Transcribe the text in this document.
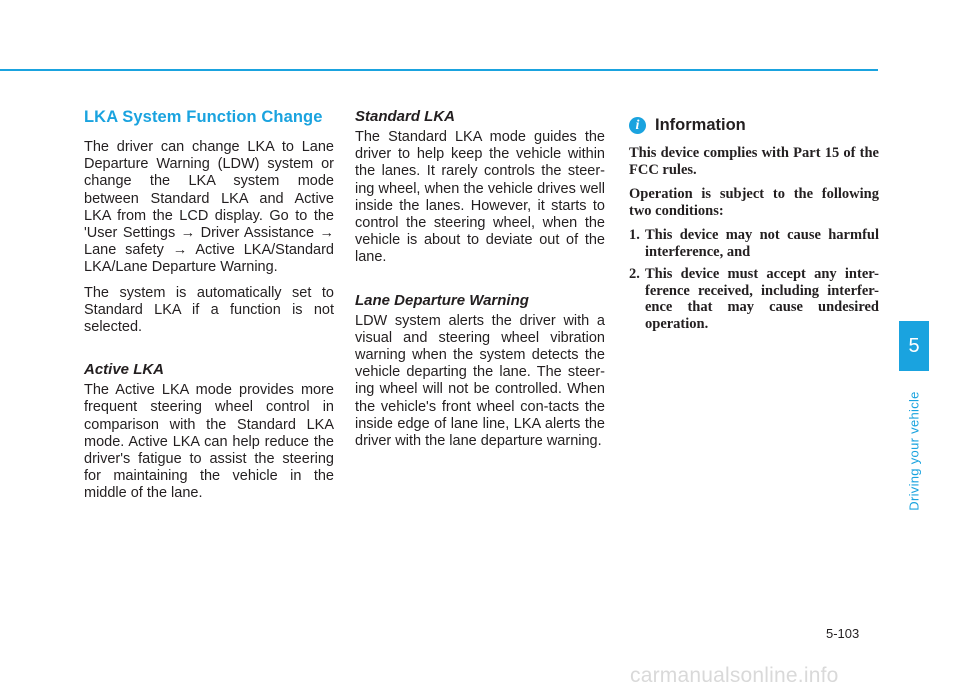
LKA System Function Change

The driver can change LKA to Lane Departure Warning (LDW) system or change the LKA system mode between Standard LKA and Active LKA from the LCD display. Go to the 'User Settings → Driver Assistance → Lane safety → Active LKA/Standard LKA/Lane Departure Warning.

The system is automatically set to Standard LKA if a function is not selected.

Active LKA

The Active LKA mode provides more frequent steering wheel control in comparison with the Standard LKA mode. Active LKA can help reduce the driver's fatigue to assist the steering for maintaining the vehicle in the middle of the lane.

Standard LKA

The Standard LKA mode guides the driver to help keep the vehicle within the lanes. It rarely controls the steer-ing wheel, when the vehicle drives well inside the lanes. However, it starts to control the steering wheel, when the vehicle is about to deviate out of the lane.

Lane Departure Warning

LDW system alerts the driver with a visual and steering wheel vibration warning when the system detects the vehicle departing the lane. The steer-ing wheel will not be controlled. When the vehicle's front wheel con-tacts the inside edge of lane line, LKA alerts the driver with the lane departure warning.

i Information

This device complies with Part 15 of the FCC rules.

Operation is subject to the following two conditions:

1. This device may not cause harmful interference, and
2. This device must accept any inter-ference received, including interfer-ence that may cause undesired operation.
5
Driving your vehicle
5-103
carmanualsonline.info
